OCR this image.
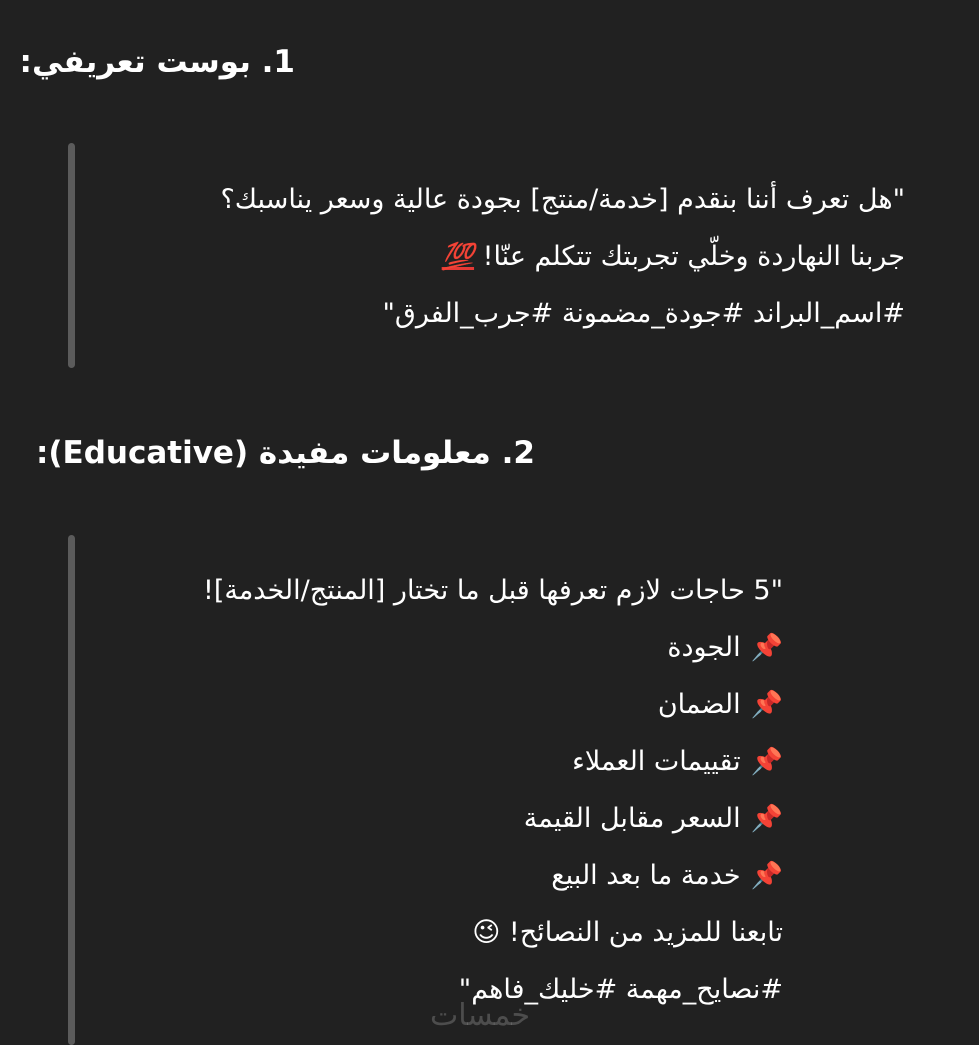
1. بوست تعريفي:
"هل تعرف أننا بنقدم [خدمة/منتج] بجودة عالية وسعر يناسبك؟
جربنا النهاردة وخلّي تجربتك تتكلم عنّا! 💯
#اسم_البراند #جودة_مضمونة #جرب_الفرق"
2. معلومات مفيدة (Educative):
"5 حاجات لازم تعرفها قبل ما تختار [المنتج/الخدمة]!
📌الجودة
📌الضمان
📌تقييمات العملاء
📌السعر مقابل القيمة
📌خدمة ما بعد البيع
تابعنا للمزيد من النصائح! 😉
#نصايح_مهمة #خليك_فاهم"
خمسات
